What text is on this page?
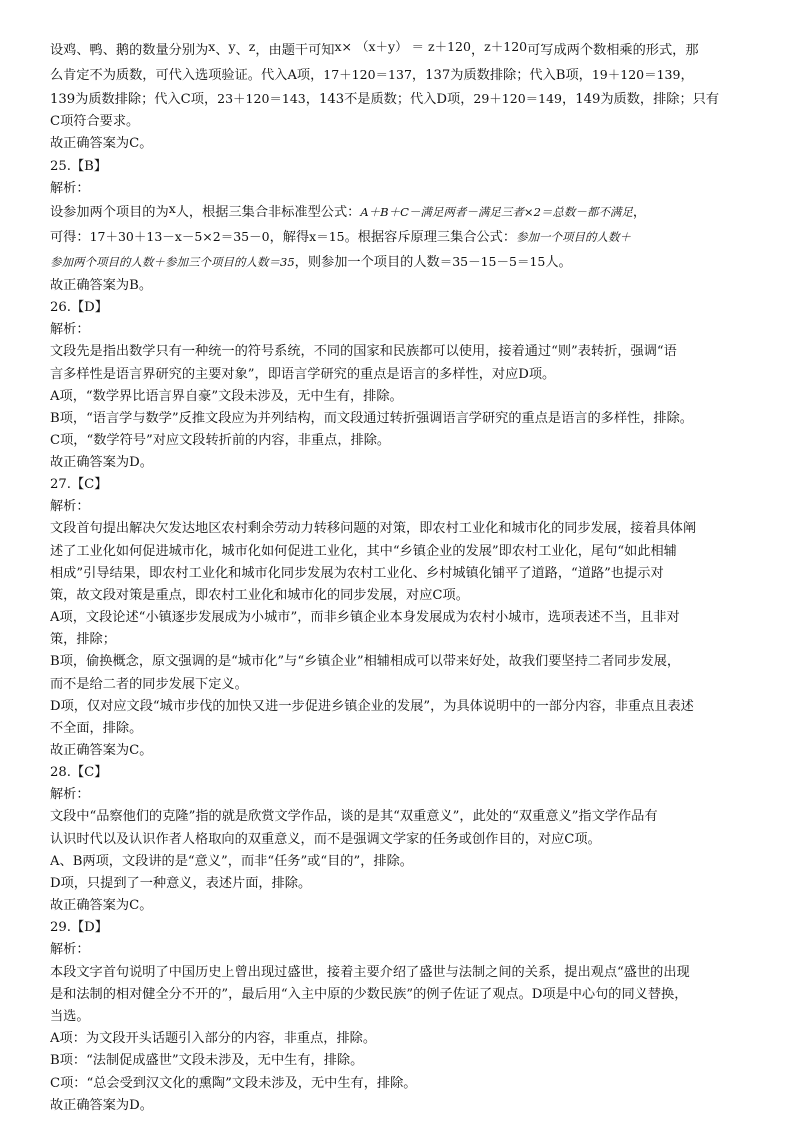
设鸡、鸭、鹅的数量分别为x、y、z，由题干可知x× （x＋y） ＝ z＋120，z＋120可写成两个数相乘的形式，那
么肯定不为质数，可代入选项验证。代入A项，17＋120＝137，137为质数排除；代入B项，19＋120＝139，
139为质数排除；代入C项，23＋120＝143，143不是质数；代入D项，29＋120＝149，149为质数，排除；只有
C项符合要求。
故正确答案为C。
25.【B】
解析：
设参加两个项目的为x人，根据三集合非标准型公式：A＋B＋C－满足两者－满足三者×2＝总数－都不满足，
可得：17＋30＋13－x－5×2＝35－0，解得x＝15。根据容斥原理三集合公式：参加一个项目的人数＋
参加两个项目的人数＋参加三个项目的人数＝35，则参加一个项目的人数＝35－15－5＝15人。
故正确答案为B。
26.【D】
解析：
文段先是指出数学只有一种统一的符号系统，不同的国家和民族都可以使用，接着通过“则”表转折，强调“语
言多样性是语言界研究的主要对象”，即语言学研究的重点是语言的多样性，对应D项。
A项，“数学界比语言界自豪”文段未涉及，无中生有，排除。
B项，“语言学与数学”反推文段应为并列结构，而文段通过转折强调语言学研究的重点是语言的多样性，排除。
C项，“数学符号”对应文段转折前的内容，非重点，排除。
故正确答案为D。
27.【C】
解析：
文段首句提出解决欠发达地区农村剩余劳动力转移问题的对策，即农村工业化和城市化的同步发展，接着具体阐
述了工业化如何促进城市化，城市化如何促进工业化，其中“乡镇企业的发展”即农村工业化，尾句“如此相辅
相成”引导结果，即农村工业化和城市化同步发展为农村工业化、乡村城镇化铺平了道路，“道路”也提示对
策，故文段对策是重点，即农村工业化和城市化的同步发展，对应C项。
A项，文段论述“小镇逐步发展成为小城市”，而非乡镇企业本身发展成为农村小城市，选项表述不当，且非对
策，排除；
B项，偷换概念，原文强调的是“城市化”与“乡镇企业”相辅相成可以带来好处，故我们要坚持二者同步发展，
而不是给二者的同步发展下定义。
D项，仅对应文段“城市步伐的加快又进一步促进乡镇企业的发展”，为具体说明中的一部分内容，非重点且表述
不全面，排除。
故正确答案为C。
28.【C】
解析：
文段中“品察他们的克隆”指的就是欣赏文学作品，谈的是其“双重意义”，此处的“双重意义”指文学作品有
认识时代以及认识作者人格取向的双重意义，而不是强调文学家的任务或创作目的，对应C项。
A、B两项，文段讲的是“意义”，而非“任务”或“目的”，排除。
D项，只提到了一种意义，表述片面，排除。
故正确答案为C。
29.【D】
解析：
本段文字首句说明了中国历史上曾出现过盛世，接着主要介绍了盛世与法制之间的关系，提出观点“盛世的出现
是和法制的相对健全分不开的”，最后用“入主中原的少数民族”的例子佐证了观点。D项是中心句的同义替换，
当选。
A项：为文段开头话题引入部分的内容，非重点，排除。
B项：“法制促成盛世”文段未涉及，无中生有，排除。
C项：“总会受到汉文化的熏陶”文段未涉及，无中生有，排除。
故正确答案为D。
